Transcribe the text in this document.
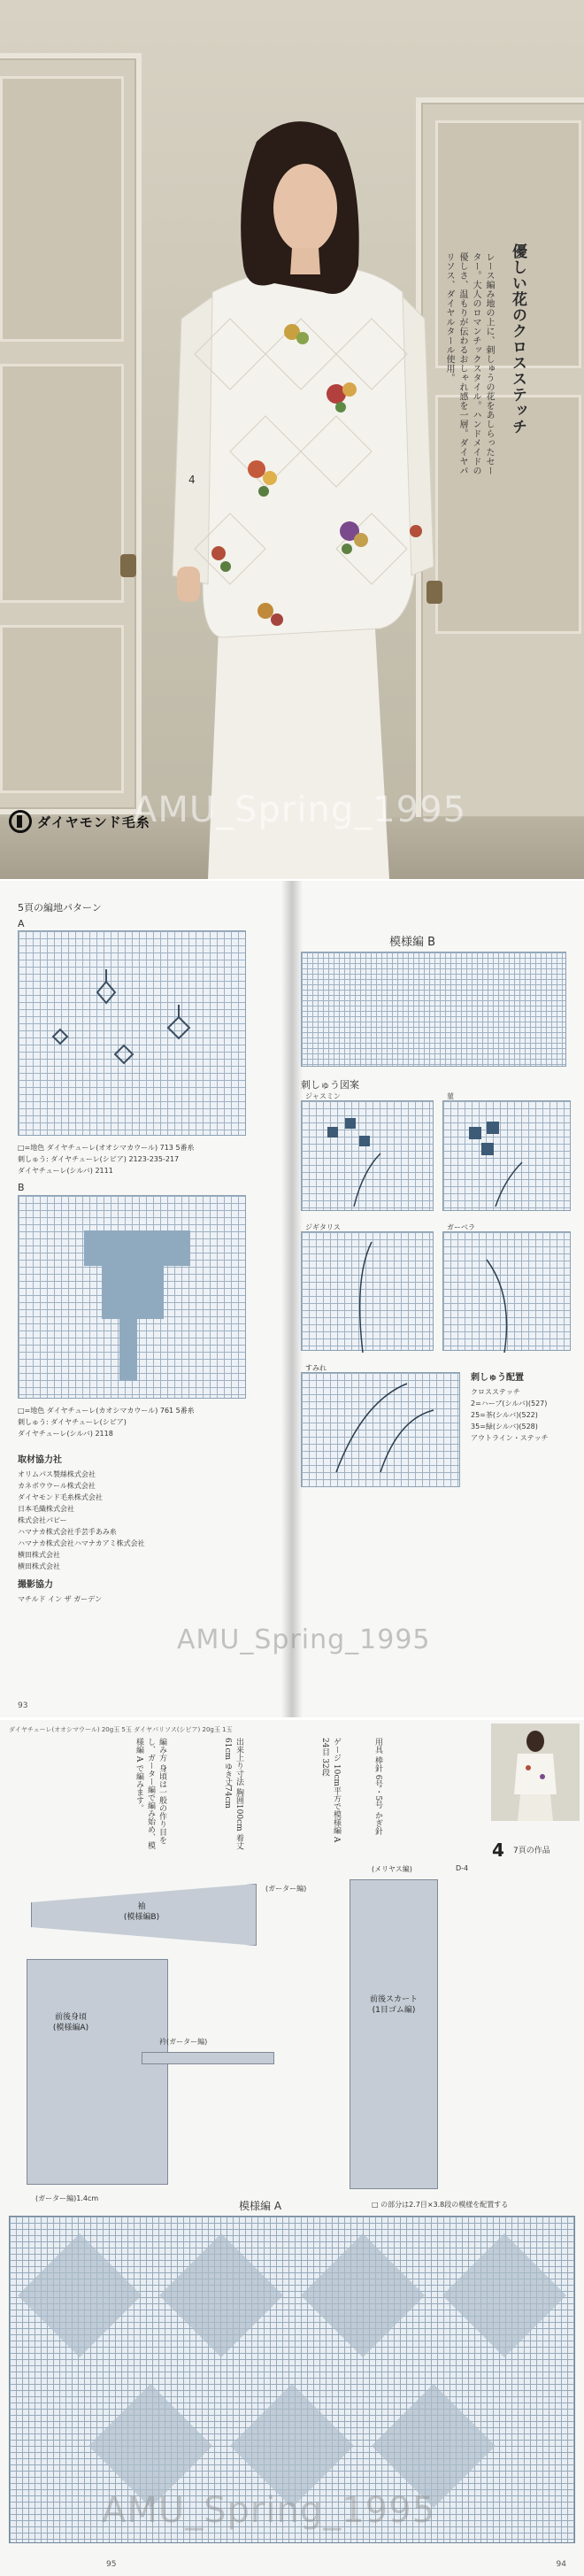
優しい花のクロスステッチ
レース編み地の上に、刺しゅうの花をあしらったセーター。大人のロマンチックスタイル。ハンドメイドの優しさ、温もりが伝わるおしゃれ感を一層。ダイヤパリソス、ダイヤルタール使用。
4
ダイヤモンド毛糸
AMU_Spring_1995
5頁の編地パターン
A
□=地色 ダイヤチューレ(オオシマカウール) 713 5番糸
刺しゅう: ダイヤチューレ(シビア) 2123-235-217
ダイヤチューレ(シルバ) 2111
B
□=地色 ダイヤチューレ(カオシマカウール) 761 5番糸
刺しゅう: ダイヤチューレ(シビア)
ダイヤチューレ(シルバ) 2118
取材協力社
オリムパス製絲株式会社
カネボウウール株式会社
ダイヤモンド毛糸株式会社
日本毛織株式会社
株式会社パピー
ハマナカ株式会社手芸手あみ糸
ハマナカ株式会社ハマナカアミ株式会社
横田株式会社
横田株式会社
撮影協力
マチルド イン ザ ガーデン
93
模様編 B
刺しゅう図案
ジャスミン	菫
ジギタリス	ガーベラ
すみれ
刺しゅう配置
クロスステッチ
2=ハーブ(シルバ)(527)
25=茶(シルバ)(522)
35=緑(シルバ)(528)
アウトライン・ステッチ
AMU_Spring_1995
ダイヤチューレ(オオシマウール) 20g玉 5玉 ダイヤパリソス(シビア) 20g玉 1玉
用具 棒針 6号・5号 かぎ針
ゲージ 10cm平方で模様編 A 24目 32段
出来上り寸法 胸囲100cm 着丈61cm ゆき丈74cm
編み方 身頃は一般の作り目をし、ガーター編で編み始め、模様編 A で編みます。
4 7頁の作品
袖
(模様編B)
(ガーター編)
前後身頃
(模様編A)
衿(ガーター編)
(メリヤス編)	D-4
前後スカート
(1目ゴム編)
(ガーター編)1.4cm
模様編 A	□ の部分は2.7目×3.8段の模様を配置する
AMU_Spring_1995
95	94
